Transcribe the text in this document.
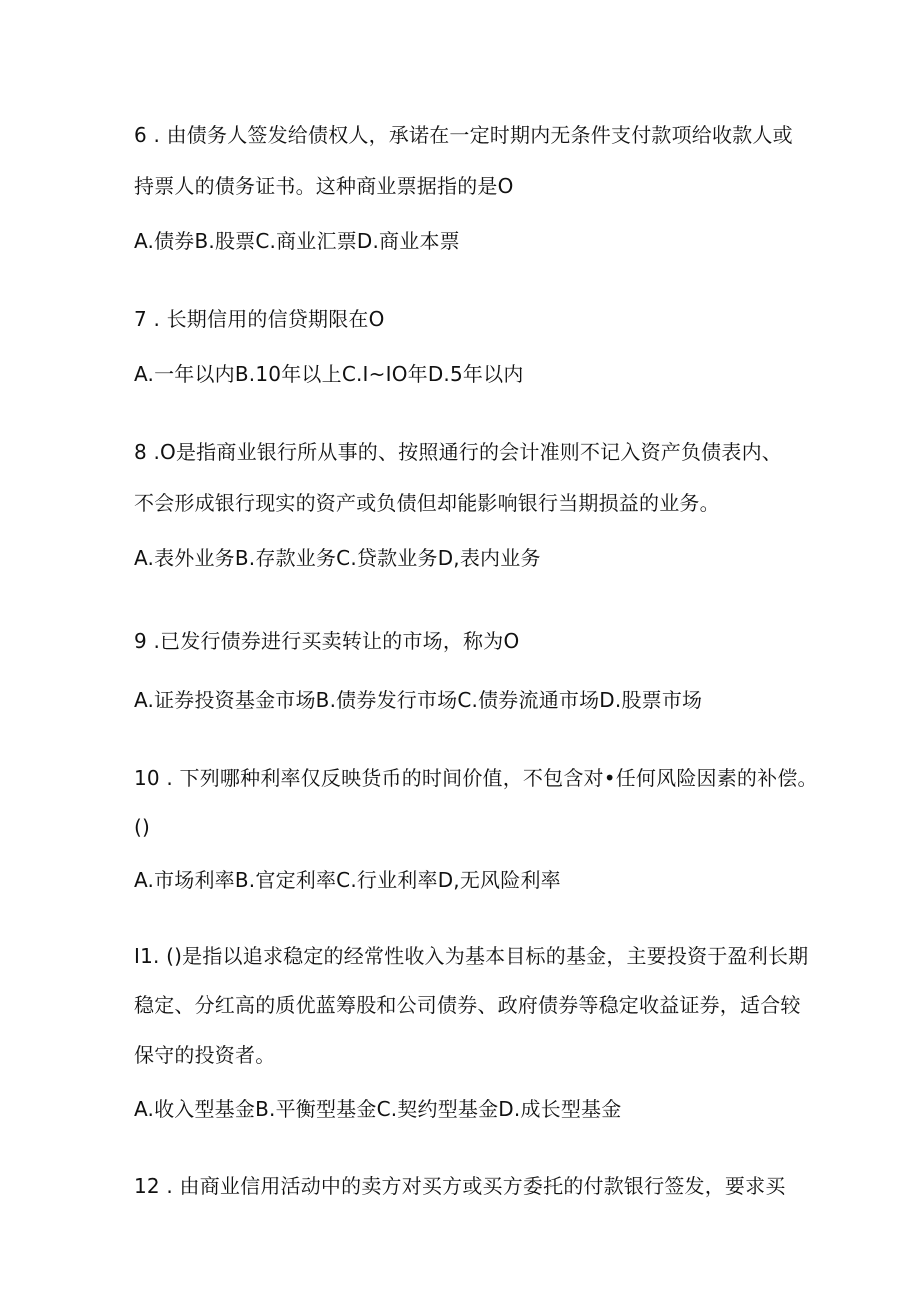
6 . 由债务人签发给债权人，承诺在一定时期内无条件支付款项给收款人或
持票人的债务证书。这种商业票据指的是O
A.债券B.股票C.商业汇票D.商业本票
7 . 长期信用的信贷期限在O
A.一年以内B.10年以上C.I~IO年D.5年以内
8 .O是指商业银行所从事的、按照通行的会计准则不记入资产负债表内、
不会形成银行现实的资产或负债但却能影响银行当期损益的业务。
A.表外业务B.存款业务C.贷款业务D,表内业务
9 .已发行债券进行买卖转让的市场，称为O
A.证券投资基金市场B.债券发行市场C.债券流通市场D.股票市场
10 . 下列哪种利率仅反映货币的时间价值，不包含对•任何风险因素的补偿。
()
A.市场利率B.官定利率C.行业利率D,无风险利率
I1. ()是指以追求稳定的经常性收入为基本目标的基金，主要投资于盈利长期
稳定、分红高的质优蓝筹股和公司债券、政府债券等稳定收益证券，适合较
保守的投资者。
A.收入型基金B.平衡型基金C.契约型基金D.成长型基金
12 . 由商业信用活动中的卖方对买方或买方委托的付款银行签发，要求买
